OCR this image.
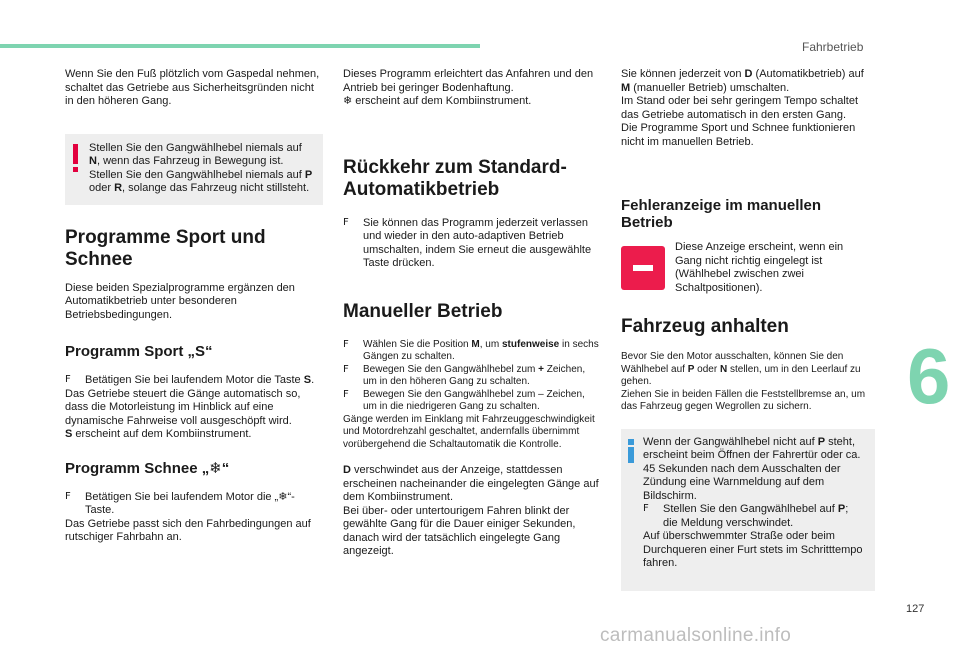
Fahrbetrieb
6
127
carmanualsonline.info

Wenn Sie den Fuß plötzlich vom Gaspedal nehmen, schaltet das Getriebe aus Sicherheitsgründen nicht in den höheren Gang.

Stellen Sie den Gangwählhebel niemals auf N, wenn das Fahrzeug in Bewegung ist.

Stellen Sie den Gangwählhebel niemals auf P oder R, solange das Fahrzeug nicht stillsteht.

Programme Sport und Schnee

Diese beiden Spezialprogramme ergänzen den Automatikbetrieb unter besonderen Betriebsbedingungen.

Programm Sport „S“
F Betätigen Sie bei laufendem Motor die Taste S.

Das Getriebe steuert die Gänge automatisch so, dass die Motorleistung im Hinblick auf eine dynamische Fahrweise voll ausgeschöpft wird.

S erscheint auf dem Kombiinstrument.

Programm Schnee „❄“
F Betätigen Sie bei laufendem Motor die „❄“-Taste.

Das Getriebe passt sich den Fahrbedingungen auf rutschiger Fahrbahn an.

Dieses Programm erleichtert das Anfahren und den Antrieb bei geringer Bodenhaftung.

❄ erscheint auf dem Kombiinstrument.

Rückkehr zum Standard-Automatikbetrieb
F Sie können das Programm jederzeit verlassen und wieder in den auto-adaptiven Betrieb umschalten, indem Sie erneut die ausgewählte Taste drücken.

Manueller Betrieb
F Wählen Sie die Position M, um stufenweise in sechs Gängen zu schalten.

F Bewegen Sie den Gangwählhebel zum + Zeichen, um in den höheren Gang zu schalten.

F Bewegen Sie den Gangwählhebel zum – Zeichen, um in die niedrigeren Gang zu schalten.

Gänge werden im Einklang mit Fahrzeuggeschwindigkeit und Motordrehzahl geschaltet, andernfalls übernimmt vorübergehend die Schaltautomatik die Kontrolle.

D verschwindet aus der Anzeige, stattdessen erscheinen nacheinander die eingelegten Gänge auf dem Kombiinstrument.

Bei über- oder untertourigem Fahren blinkt der gewählte Gang für die Dauer einiger Sekunden, danach wird der tatsächlich eingelegte Gang angezeigt.

Sie können jederzeit von D (Automatikbetrieb) auf M (manueller Betrieb) umschalten.

Im Stand oder bei sehr geringem Tempo schaltet das Getriebe automatisch in den ersten Gang.

Die Programme Sport und Schnee funktionieren nicht im manuellen Betrieb.

Fehleranzeige im manuellen Betrieb

Diese Anzeige erscheint, wenn ein Gang nicht richtig eingelegt ist (Wählhebel zwischen zwei Schaltpositionen).

Fahrzeug anhalten

Bevor Sie den Motor ausschalten, können Sie den Wählhebel auf P oder N stellen, um in den Leerlauf zu gehen.

Ziehen Sie in beiden Fällen die Feststellbremse an, um das Fahrzeug gegen Wegrollen zu sichern.

Wenn der Gangwählhebel nicht auf P steht, erscheint beim Öffnen der Fahrertür oder ca. 45 Sekunden nach dem Ausschalten der Zündung eine Warnmeldung auf dem Bildschirm.

F Stellen Sie den Gangwählhebel auf P; die Meldung verschwindet.

Auf überschwemmter Straße oder beim Durchqueren einer Furt stets im Schritttempo fahren.
